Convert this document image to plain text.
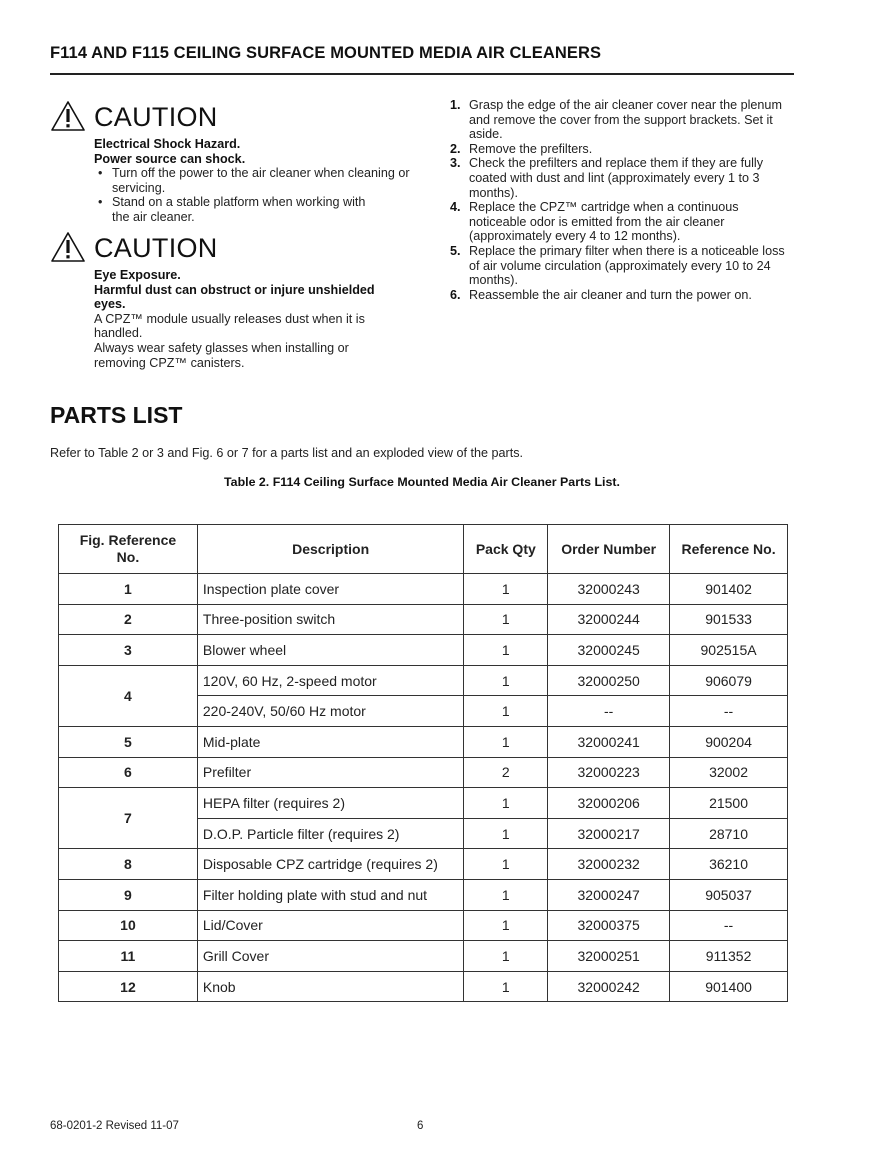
F114 AND F115 CEILING SURFACE MOUNTED MEDIA AIR CLEANERS
CAUTION
Electrical Shock Hazard.
Power source can shock.
• Turn off the power to the air cleaner when cleaning or servicing.
• Stand on a stable platform when working with the air cleaner.
CAUTION
Eye Exposure.
Harmful dust can obstruct or injure unshielded eyes.
A CPZ™ module usually releases dust when it is handled.
Always wear safety glasses when installing or removing CPZ™ canisters.
1. Grasp the edge of the air cleaner cover near the plenum and remove the cover from the support brackets. Set it aside.
2. Remove the prefilters.
3. Check the prefilters and replace them if they are fully coated with dust and lint (approximately every 1 to 3 months).
4. Replace the CPZ™ cartridge when a continuous noticeable odor is emitted from the air cleaner (approximately every 4 to 12 months).
5. Replace the primary filter when there is a noticeable loss of air volume circulation (approximately every 10 to 24 months).
6. Reassemble the air cleaner and turn the power on.
PARTS LIST
Refer to Table 2 or 3 and Fig. 6 or 7 for a parts list and an exploded view of the parts.
Table 2. F114 Ceiling Surface Mounted Media Air Cleaner Parts List.
Fig. Reference No.	Description	Pack Qty	Order Number	Reference No.
1	Inspection plate cover	1	32000243	901402
2	Three-position switch	1	32000244	901533
3	Blower wheel	1	32000245	902515A
4	120V, 60 Hz, 2-speed motor	1	32000250	906079
	220-240V, 50/60 Hz motor	1	--	--
5	Mid-plate	1	32000241	900204
6	Prefilter	2	32000223	32002
7	HEPA filter (requires 2)	1	32000206	21500
	D.O.P. Particle filter (requires 2)	1	32000217	28710
8	Disposable CPZ cartridge (requires 2)	1	32000232	36210
9	Filter holding plate with stud and nut	1	32000247	905037
10	Lid/Cover	1	32000375	--
11	Grill Cover	1	32000251	911352
12	Knob	1	32000242	901400
68-0201-2 Revised 11-07	6
